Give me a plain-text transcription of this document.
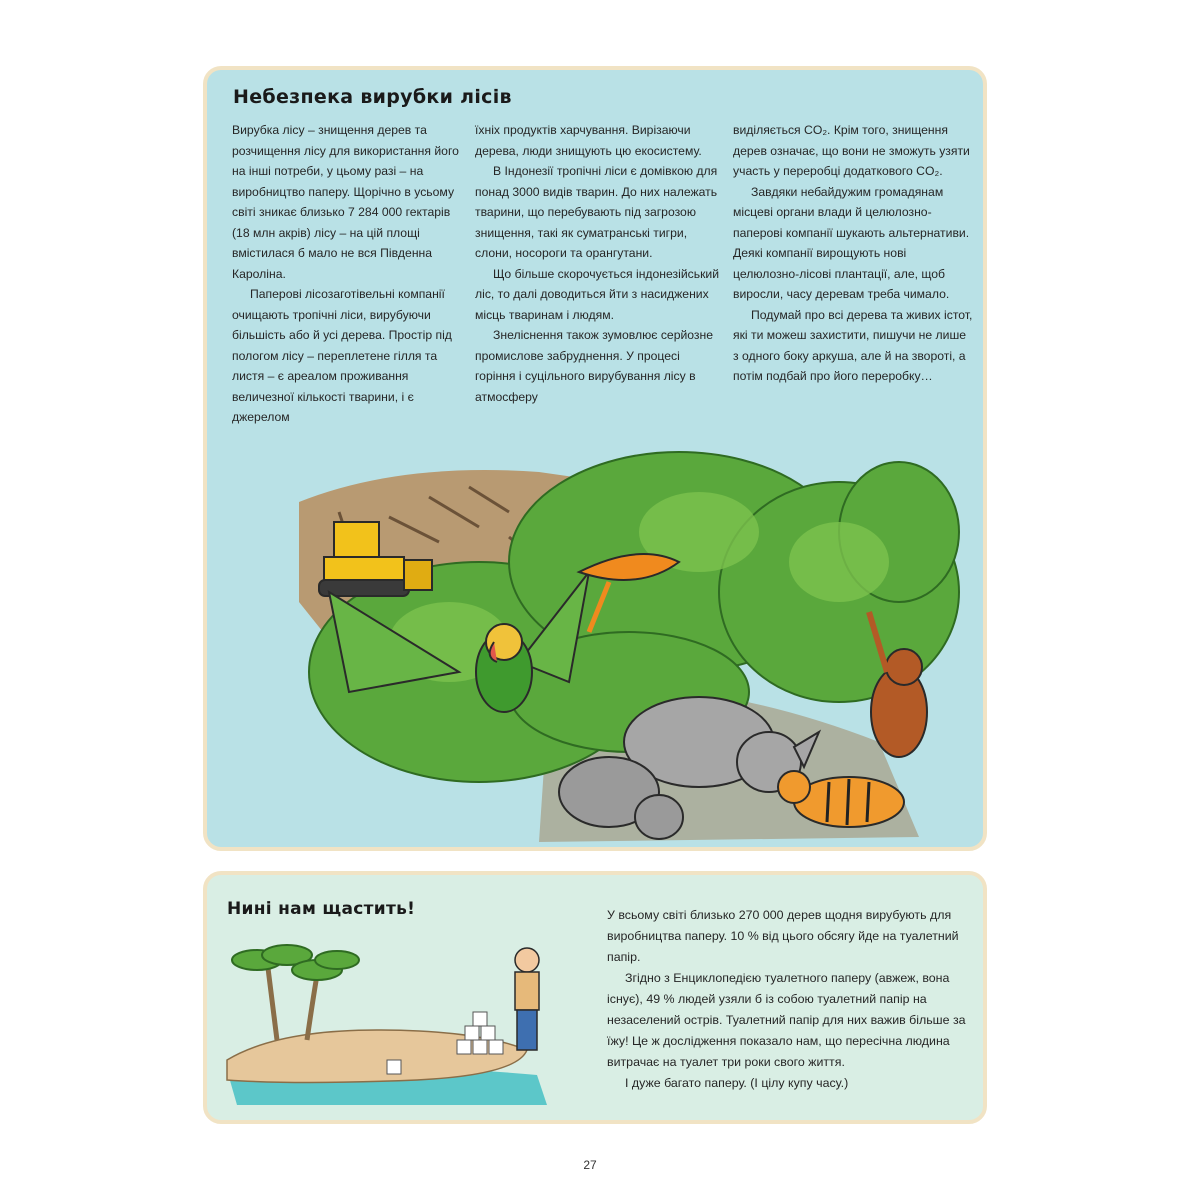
Небезпека вирубки лісів

Вирубка лісу – знищення дерев та розчищення лісу для використання його на інші потреби, у цьому разі – на виробництво паперу. Щорічно в усьому світі зникає близько 7 284 000 гектарів (18 млн акрів) лісу – на цій площі вмістилася б мало не вся Південна Кароліна.

Паперові лісозаготівельні компанії очищають тропічні ліси, вирубуючи більшість або й усі дерева. Простір під пологом лісу – переплетене гілля та листя – є ареалом проживання величезної кількості тварини, і є джерелом

їхніх продуктів харчування. Вирізаючи дерева, люди знищують цю екосистему.

В Індонезії тропічні ліси є домівкою для понад 3000 видів тварин. До них належать тварини, що перебувають під загрозою знищення, такі як суматранські тигри, слони, носороги та орангутани.

Що більше скорочується індонезійський ліс, то далі доводиться йти з насиджених місць тваринам і людям.

Знеліснення також зумовлює серйозне промислове забруднення. У процесі горіння і суцільного вирубування лісу в атмосферу

виділяється CO₂. Крім того, знищення дерев означає, що вони не зможуть узяти участь у переробці додаткового CO₂.

Завдяки небайдужим громадянам місцеві органи влади й целюлозно-паперові компанії шукають альтернативи. Деякі компанії вирощують нові целюлозно-лісові плантації, але, щоб виросли, часу деревам треба чимало.

Подумай про всі дерева та живих істот, які ти можеш захистити, пишучи не лише з одного боку аркуша, але й на звороті, а потім подбай про його переробку…

Нині нам щастить!	У всьому світі близько 270 000 дерев щодня вирубують для виробництва паперу. 10 % від цього обсягу йде на туалетний папір.

Згідно з Енциклопедією туалетного паперу (авжеж, вона існує), 49 % людей узяли б із собою туалетний папір на незаселений острів. Туалетний папір для них важив більше за їжу! Це ж дослідження показало нам, що пересічна людина витрачає на туалет три роки свого життя.

І дуже багато паперу. (І цілу купу часу.)

27
